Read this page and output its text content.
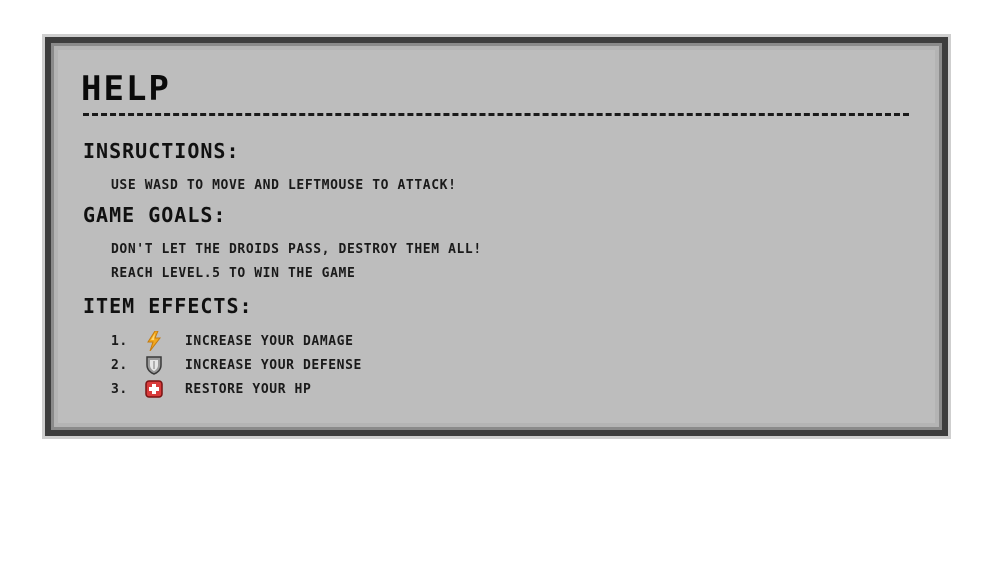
HELP
INSRUCTIONS:

USE WASD TO MOVE AND LEFTMOUSE TO ATTACK!

GAME GOALS:

DON'T LET THE DROIDS PASS, DESTROY THEM ALL!

REACH LEVEL.5 TO WIN THE GAME

ITEM EFFECTS:
1.	INCREASE YOUR DAMAGE
2.	INCREASE YOUR DEFENSE
3.	RESTORE YOUR HP
